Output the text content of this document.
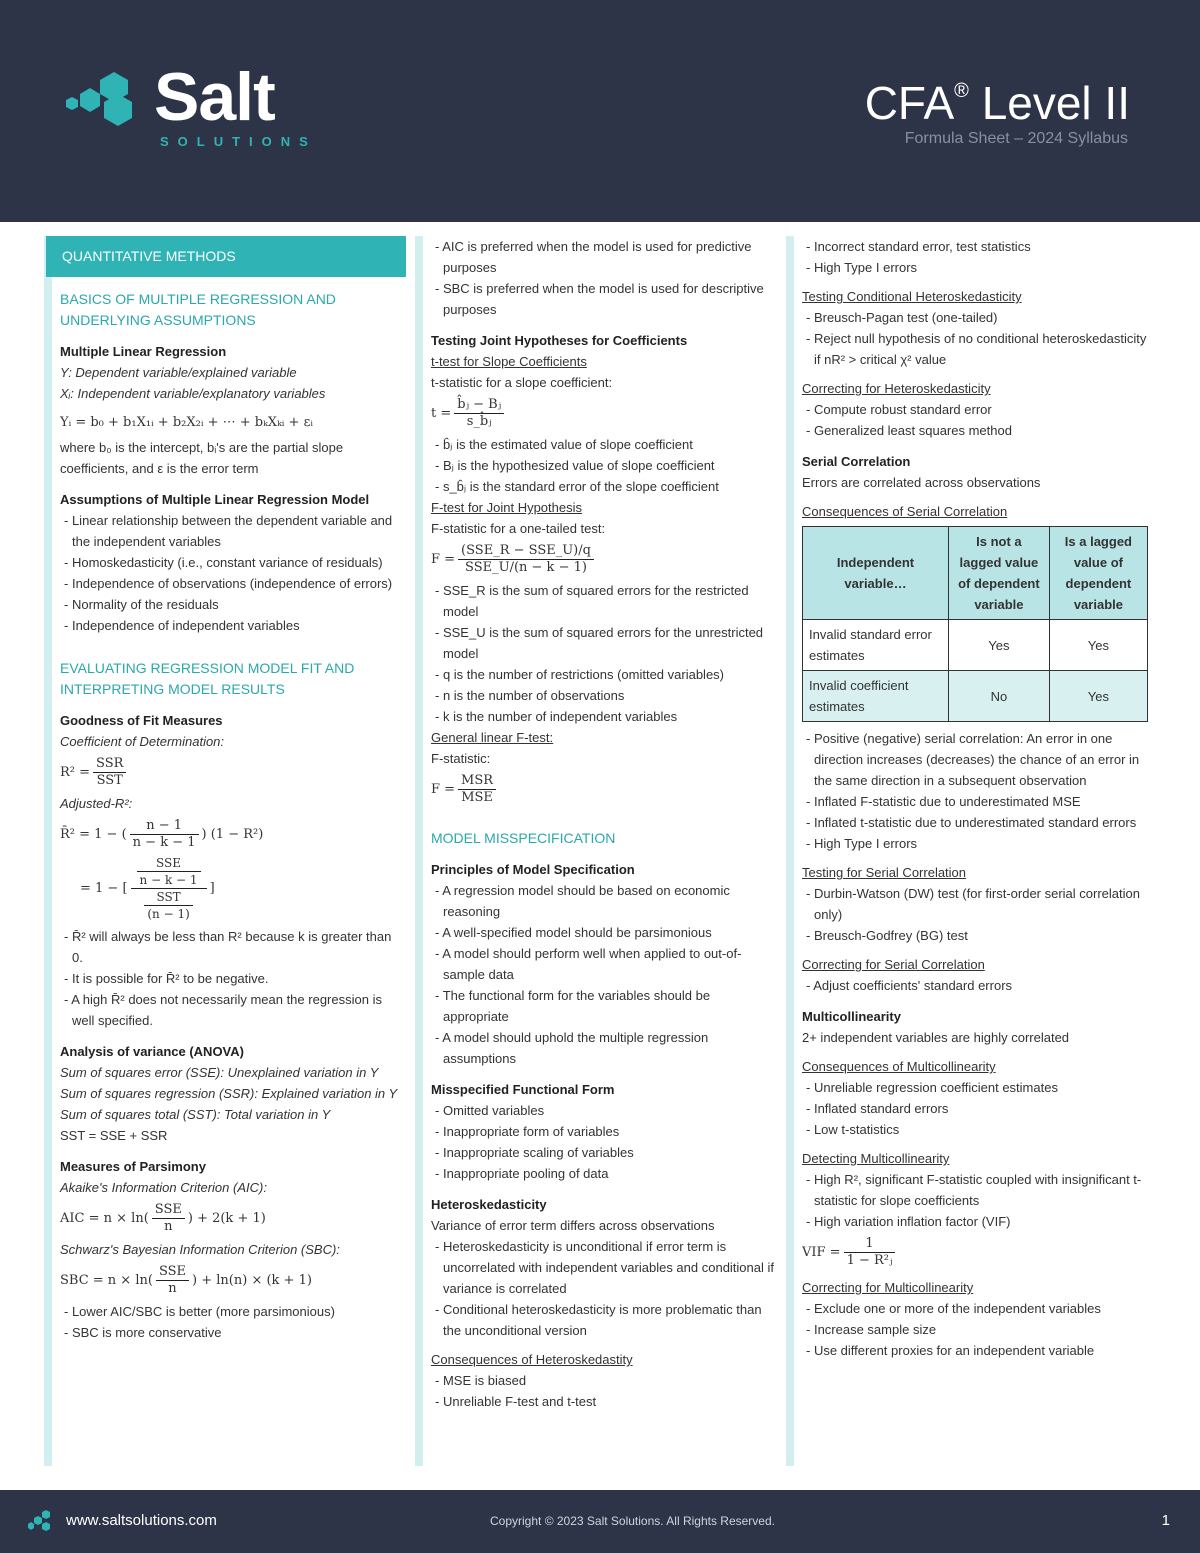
Salt
SOLUTIONS
CFA® Level II
Formula Sheet – 2024 Syllabus
QUANTITATIVE METHODS
BASICS OF MULTIPLE REGRESSION AND UNDERLYING ASSUMPTIONS
Multiple Linear Regression
Y: Dependent variable/explained variable
Xᵢ: Independent variable/explanatory variables
Yᵢ = b₀ + b₁X₁ᵢ + b₂X₂ᵢ + ⋯ + bₖXₖᵢ + εᵢ
where b₀ is the intercept, bᵢ's are the partial slope coefficients, and ε is the error term
Assumptions of Multiple Linear Regression Model
- Linear relationship between the dependent variable and the independent variables
- Homoskedasticity (i.e., constant variance of residuals)
- Independence of observations (independence of errors)
- Normality of the residuals
- Independence of independent variables
EVALUATING REGRESSION MODEL FIT AND INTERPRETING MODEL RESULTS
Goodness of Fit Measures
Coefficient of Determination:
$R^2 = \frac{\text{SSR}}{\text{SST}}$
Adjusted-R²:
R̄² = 1 − ( $\frac{n - 1}{n - k - 1}$ ) (1 − R²)
= 1 − [ $\frac{\frac{\text{SSE}}{n - k - 1}}{\frac{\text{SST}}{(n - 1)}}$ ]
- R̄² will always be less than R² because k is greater than 0.
- It is possible for R̄² to be negative.
- A high R̄² does not necessarily mean the regression is well specified.
Analysis of variance (ANOVA)
Sum of squares error (SSE): Unexplained variation in Y
Sum of squares regression (SSR): Explained variation in Y
Sum of squares total (SST): Total variation in Y
SST = SSE + SSR
Measures of Parsimony
Akaike's Information Criterion (AIC):
AIC = $n \times \ln( \frac{\text{SSE}}{n}$ ) + 2(k + 1)
Schwarz's Bayesian Information Criterion (SBC):
SBC = $n \times \ln( \frac{\text{SSE}}{n}$ ) + ln(n) × (k + 1)
- Lower AIC/SBC is better (more parsimonious)
- SBC is more conservative
- AIC is preferred when the model is used for predictive purposes
- SBC is preferred when the model is used for descriptive purposes
Testing Joint Hypotheses for Coefficients
t-test for Slope Coefficients
t-statistic for a slope coefficient:
$t = \frac{\text{b̂ⱼ − Bⱼ}}{\text{s\_b̂ⱼ}}$
- b̂ⱼ is the estimated value of slope coefficient
- Bⱼ is the hypothesized value of slope coefficient
- s_b̂ⱼ is the standard error of the slope coefficient
F-test for Joint Hypothesis
F-statistic for a one-tailed test:
$F = \frac{\text{(SSE\_R − SSE\_U)/q}}{\text{SSE\_U/(n − k − 1)}}$
- SSE_R is the sum of squared errors for the restricted model
- SSE_U is the sum of squared errors for the unrestricted model
- q is the number of restrictions (omitted variables)
- n is the number of observations
- k is the number of independent variables
General linear F-test:
F-statistic:
$F = \frac{\text{MSR}}{\text{MSE}}$
MODEL MISSPECIFICATION
Principles of Model Specification
- A regression model should be based on economic reasoning
- A well-specified model should be parsimonious
- A model should perform well when applied to out-of-sample data
- The functional form for the variables should be appropriate
- A model should uphold the multiple regression assumptions
Misspecified Functional Form
- Omitted variables
- Inappropriate form of variables
- Inappropriate scaling of variables
- Inappropriate pooling of data
Heteroskedasticity
Variance of error term differs across observations
- Heteroskedasticity is unconditional if error term is uncorrelated with independent variables and conditional if variance is correlated
- Conditional heteroskedasticity is more problematic than the unconditional version
Consequences of Heteroskedastity
- MSE is biased
- Unreliable F-test and t-test
- Incorrect standard error, test statistics
- High Type I errors
Testing Conditional Heteroskedasticity
- Breusch-Pagan test (one-tailed)
- Reject null hypothesis of no conditional heteroskedasticity if nR² > critical χ² value
Correcting for Heteroskedasticity
- Compute robust standard error
- Generalized least squares method
Serial Correlation
Errors are correlated across observations
Consequences of Serial Correlation
Independent variable…	Is not a lagged value of dependent variable	Is a lagged value of dependent variable
Invalid standard error estimates	Yes	Yes
Invalid coefficient estimates	No	Yes
- Positive (negative) serial correlation: An error in one direction increases (decreases) the chance of an error in the same direction in a subsequent observation
- Inflated F-statistic due to underestimated MSE
- Inflated t-statistic due to underestimated standard errors
- High Type I errors
Testing for Serial Correlation
- Durbin-Watson (DW) test (for first-order serial correlation only)
- Breusch-Godfrey (BG) test
Correcting for Serial Correlation
- Adjust coefficients' standard errors
Multicollinearity
2+ independent variables are highly correlated
Consequences of Multicollinearity
- Unreliable regression coefficient estimates
- Inflated standard errors
- Low t-statistics
Detecting Multicollinearity
- High R², significant F-statistic coupled with insignificant t-statistic for slope coefficients
- High variation inflation factor (VIF)
VIF = $\frac{1}{\text{1 − R²ⱼ}}$
Correcting for Multicollinearity
- Exclude one or more of the independent variables
- Increase sample size
- Use different proxies for an independent variable
www.saltsolutions.com	Copyright © 2023 Salt Solutions. All Rights Reserved.	1
